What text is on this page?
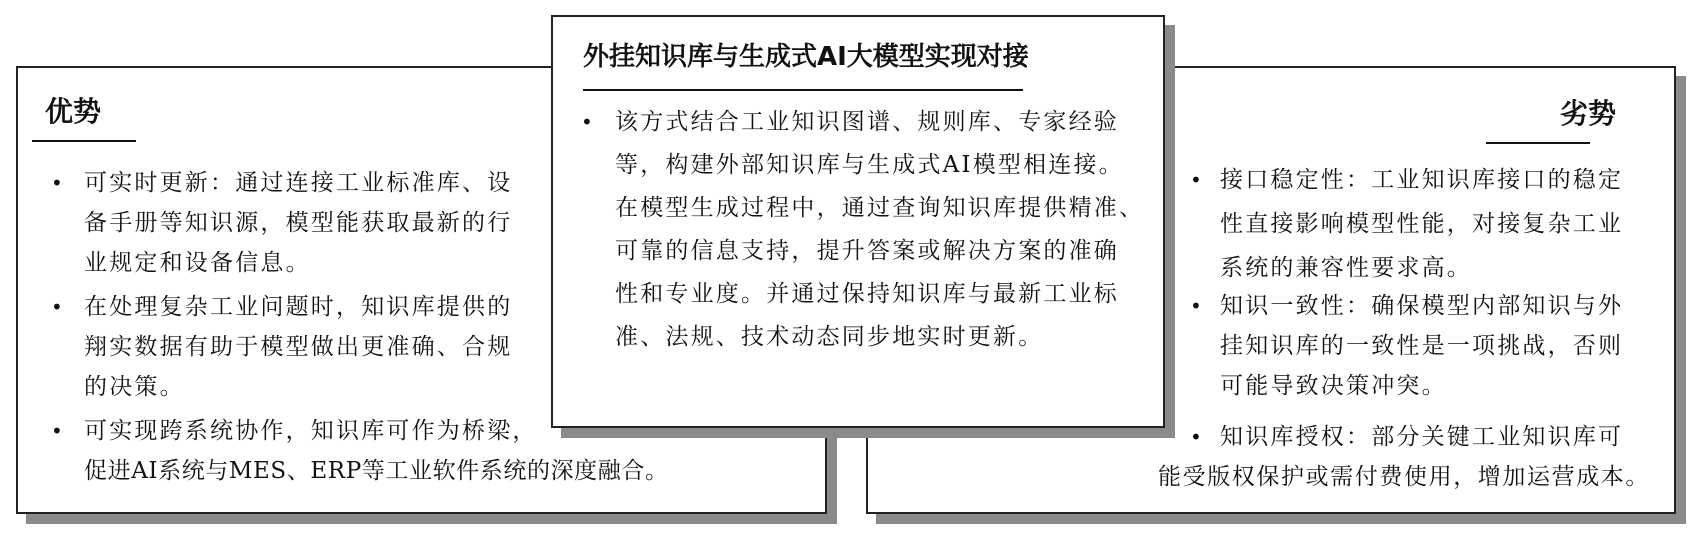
优势
• 可实时更新：通过连接工业标准库、设
备手册等知识源，模型能获取最新的行
业规定和设备信息。
• 在处理复杂工业问题时，知识库提供的
翔实数据有助于模型做出更准确、合规
的决策。
• 可实现跨系统协作，知识库可作为桥梁，
促进AI系统与MES、ERP等工业软件系统的深度融合。
劣势
• 接口稳定性：工业知识库接口的稳定
性直接影响模型性能，对接复杂工业
系统的兼容性要求高。
• 知识一致性：确保模型内部知识与外
挂知识库的一致性是一项挑战，否则
可能导致决策冲突。
• 知识库授权：部分关键工业知识库可
能受版权保护或需付费使用，增加运营成本。
外挂知识库与生成式AI大模型实现对接
• 该方式结合工业知识图谱、规则库、专家经验
等，构建外部知识库与生成式AI模型相连接。
在模型生成过程中，通过查询知识库提供精准、
可靠的信息支持，提升答案或解决方案的准确
性和专业度。并通过保持知识库与最新工业标
准、法规、技术动态同步地实时更新。
